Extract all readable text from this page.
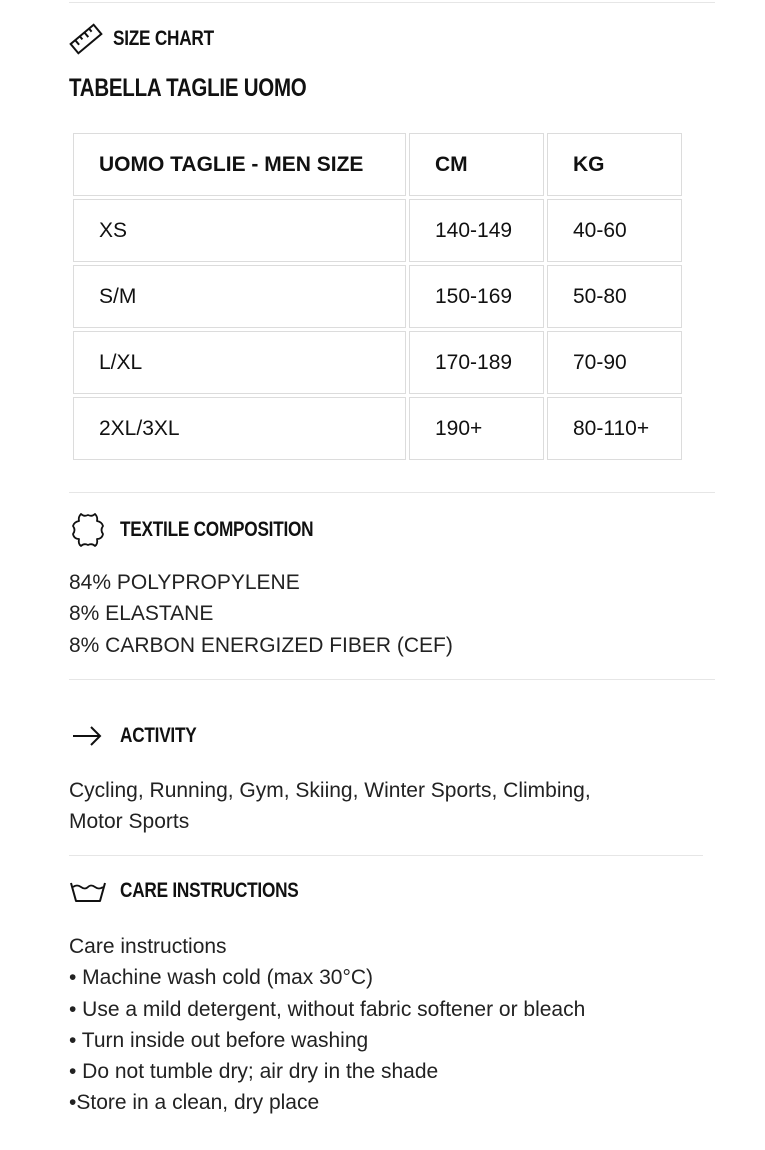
SIZE CHART
TABELLA TAGLIE UOMO
UOMO TAGLIE - MEN SIZE	CM	KG
XS	140-149	40-60
S/M	150-169	50-80
L/XL	170-189	70-90
2XL/3XL	190+	80-110+
TEXTILE COMPOSITION
84% POLYPROPYLENE
8% ELASTANE
8% CARBON ENERGIZED FIBER (CEF)
ACTIVITY
Cycling, Running, Gym, Skiing, Winter Sports, Climbing,
Motor Sports
CARE INSTRUCTIONS
Care instructions
• Machine wash cold (max 30°C)
• Use a mild detergent, without fabric softener or bleach
• Turn inside out before washing
• Do not tumble dry; air dry in the shade
•Store in a clean, dry place
